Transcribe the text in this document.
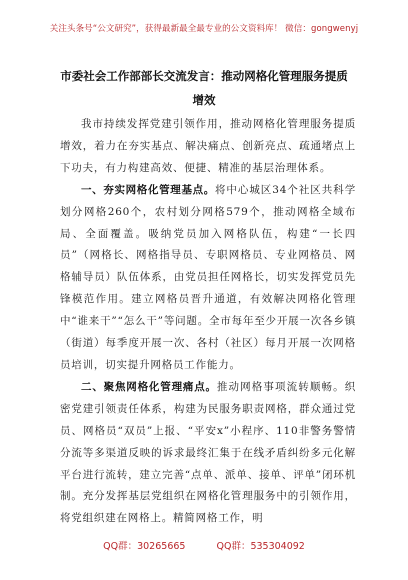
关注头条号“公文研究”，获得最新最全最专业的公文资料库！ 微信：gongwenyj
市委社会工作部部长交流发言：推动网格化管理服务提质
增效

我市持续发挥党建引领作用，推动网格化管理服务提质增效，着力在夯实基点、解决痛点、创新亮点、疏通堵点上下功夫，有力构建高效、便捷、精准的基层治理体系。

一、夯实网格化管理基点。将中心城区34个社区共科学划分网格260个，农村划分网格579个，推动网格全域布局、全面覆盖。吸纳党员加入网格队伍，构建“一长四员”（网格长、网格指导员、专职网格员、专业网格员、网格辅导员）队伍体系，由党员担任网格长，切实发挥党员先锋模范作用。建立网格员晋升通道，有效解决网格化管理中“谁来干”“怎么干”等问题。全市每年至少开展一次各乡镇（街道）每季度开展一次、各村（社区）每月开展一次网格员培训，切实提升网格员工作能力。

二、聚焦网格化管理痛点。推动网格事项流转顺畅。织密党建引领责任体系，构建为民服务职责网格，群众通过党员、网格员“双员”上报、“平安x”小程序、110非警务警情分流等多渠道反映的诉求最终汇集于在线矛盾纠纷多元化解平台进行流转，建立完善“点单、派单、接单、评单”闭环机制。充分发挥基层党组织在网格化管理服务中的引领作用，将党组织建在网格上。精简网格工作，明

QQ群：30265665	QQ群：535304092
